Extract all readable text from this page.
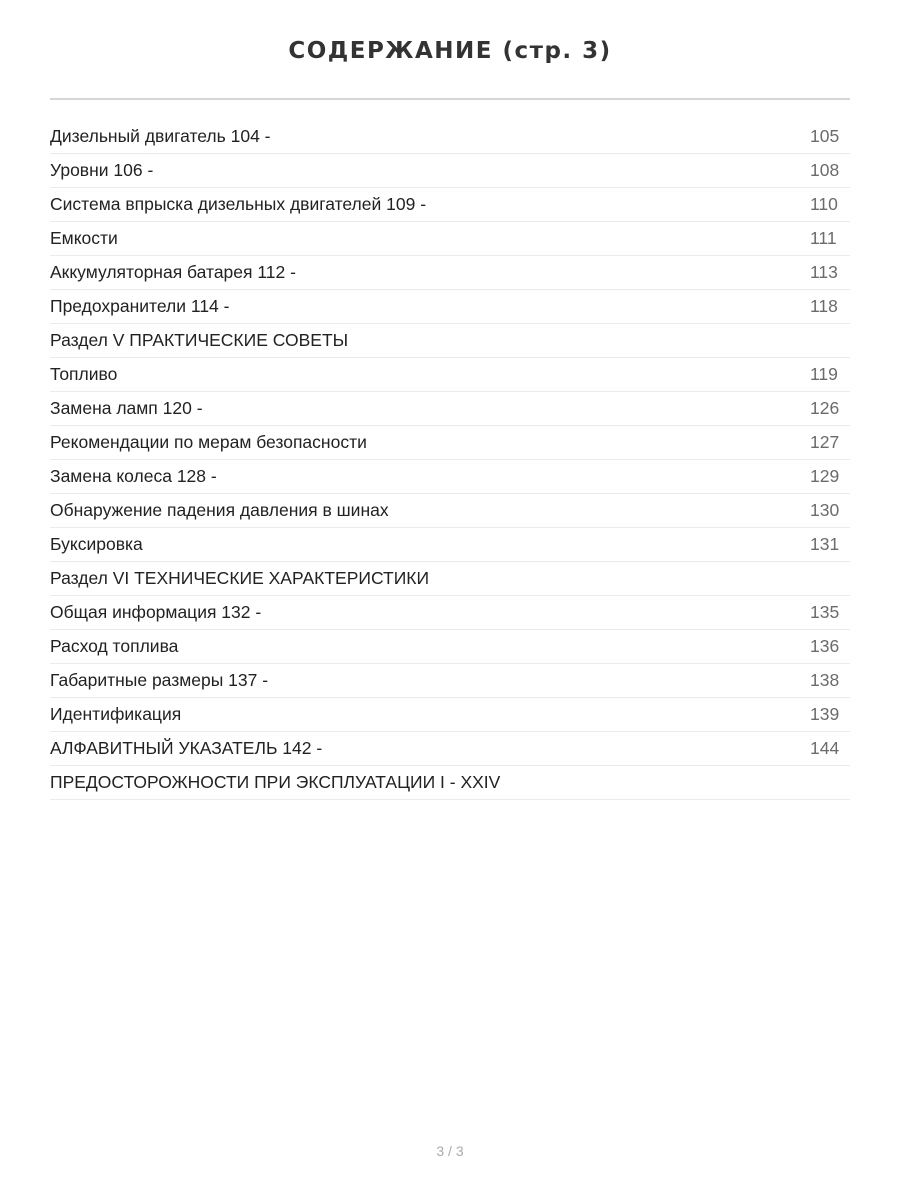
СОДЕРЖАНИЕ (стр. 3)
Дизельный двигатель 104 -	105
Уровни 106 -	108
Система впрыска дизельных двигателей 109 -	110
Емкости	111
Аккумуляторная батарея 112 -	113
Предохранители 114 -	118
Раздел V ПРАКТИЧЕСКИЕ СОВЕТЫ
Топливо	119
Замена ламп 120 -	126
Рекомендации по мерам безопасности	127
Замена колеса 128 -	129
Обнаружение падения давления в шинах	130
Буксировка	131
Раздел VI ТЕХНИЧЕСКИЕ ХАРАКТЕРИСТИКИ
Общая информация 132 -	135
Расход топлива	136
Габаритные размеры 137 -	138
Идентификация	139
АЛФАВИТНЫЙ УКАЗАТЕЛЬ 142 -	144
ПРЕДОСТОРОЖНОСТИ ПРИ ЭКСПЛУАТАЦИИ I - XXIV
3 / 3
